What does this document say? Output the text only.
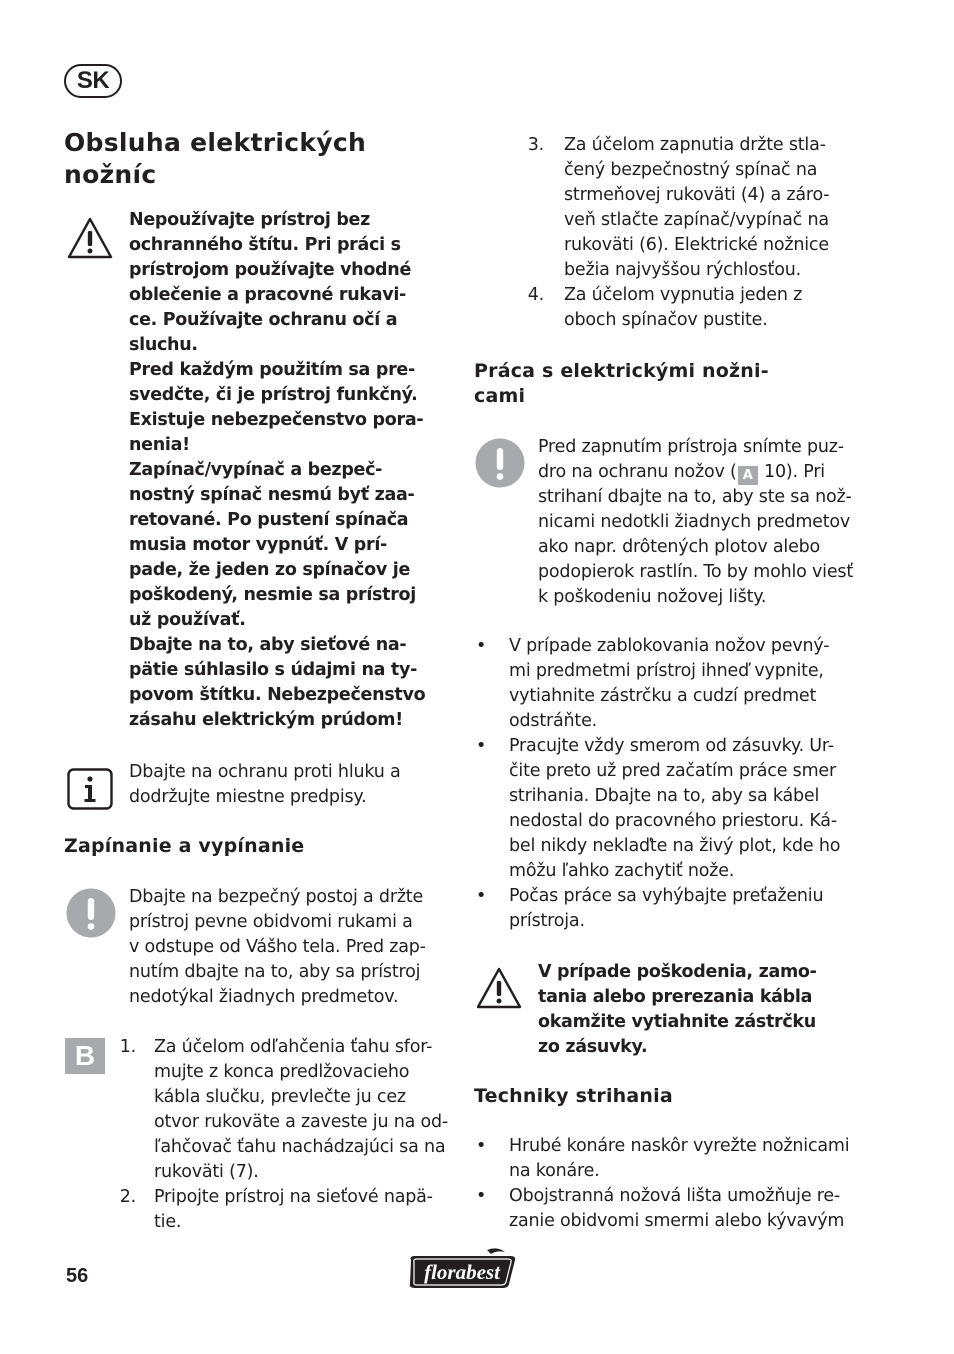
SK
Obsluha elektrických
nožníc
Nepoužívajte prístroj bez
ochranného štítu. Pri práci s
prístrojom používajte vhodné
oblečenie a pracovné rukavi-
ce. Používajte ochranu očí a
sluchu.
Pred každým použitím sa pre-
svedčte, či je prístroj funkčný.
Existuje nebezpečenstvo pora-
nenia!
Zapínač/vypínač a bezpeč-
nostný spínač nesmú byť zaa-
retované. Po pustení spínača
musia motor vypnúť. V prí-
pade, že jeden zo spínačov je
poškodený, nesmie sa prístroj
už používať.
Dbajte na to, aby sieťové na-
pätie súhlasilo s údajmi na ty-
povom štítku. Nebezpečenstvo
zásahu elektrickým prúdom!
Dbajte na ochranu proti hluku a
dodržujte miestne predpisy.
Zapínanie a vypínanie
Dbajte na bezpečný postoj a držte
prístroj pevne obidvomi rukami a
v odstupe od Vášho tela. Pred zap-
nutím dbajte na to, aby sa prístroj
nedotýkal žiadnych predmetov.
B	1. Za účelom odľahčenia ťahu sfor-
mujte z konca predlžovacieho
kábla slučku, prevlečte ju cez
otvor rukoväte a zaveste ju na od-
ľahčovač ťahu nachádzajúci sa na
rukoväti (7).
2. Pripojte prístroj na sieťové napä-
tie.
3. Za účelom zapnutia držte stla-
čený bezpečnostný spínač na
strmeňovej rukoväti (4) a záro-
veň stlačte zapínač/vypínač na
rukoväti (6). Elektrické nožnice
bežia najvyššou rýchlosťou.
4. Za účelom vypnutia jeden z
oboch spínačov pustite.
Práca s elektrickými nožni-
cami
Pred zapnutím prístroja snímte puz-
dro na ochranu nožov ( A 10). Pri
strihaní dbajte na to, aby ste sa nož-
nicami nedotkli žiadnych predmetov
ako napr. drôtených plotov alebo
podopierok rastlín. To by mohlo viesť
k poškodeniu nožovej lišty.
•	V prípade zablokovania nožov pevný-
mi predmetmi prístroj ihneď vypnite,
vytiahnite zástrčku a cudzí predmet
odstráňte.
•	Pracujte vždy smerom od zásuvky. Ur-
čite preto už pred začatím práce smer
strihania. Dbajte na to, aby sa kábel
nedostal do pracovného priestoru. Ká-
bel nikdy neklaďte na živý plot, kde ho
môžu ľahko zachytiť nože.
•	Počas práce sa vyhýbajte preťaženiu
prístroja.
V prípade poškodenia, zamo-
tania alebo prerezania kábla
okamžite vytiahnite zástrčku
zo zásuvky.
Techniky strihania
•	Hrubé konáre naskôr vyrežte nožnicami
na konáre.
•	Obojstranná nožová lišta umožňuje re-
zanie obidvomi smermi alebo kývavým
56	florabest
